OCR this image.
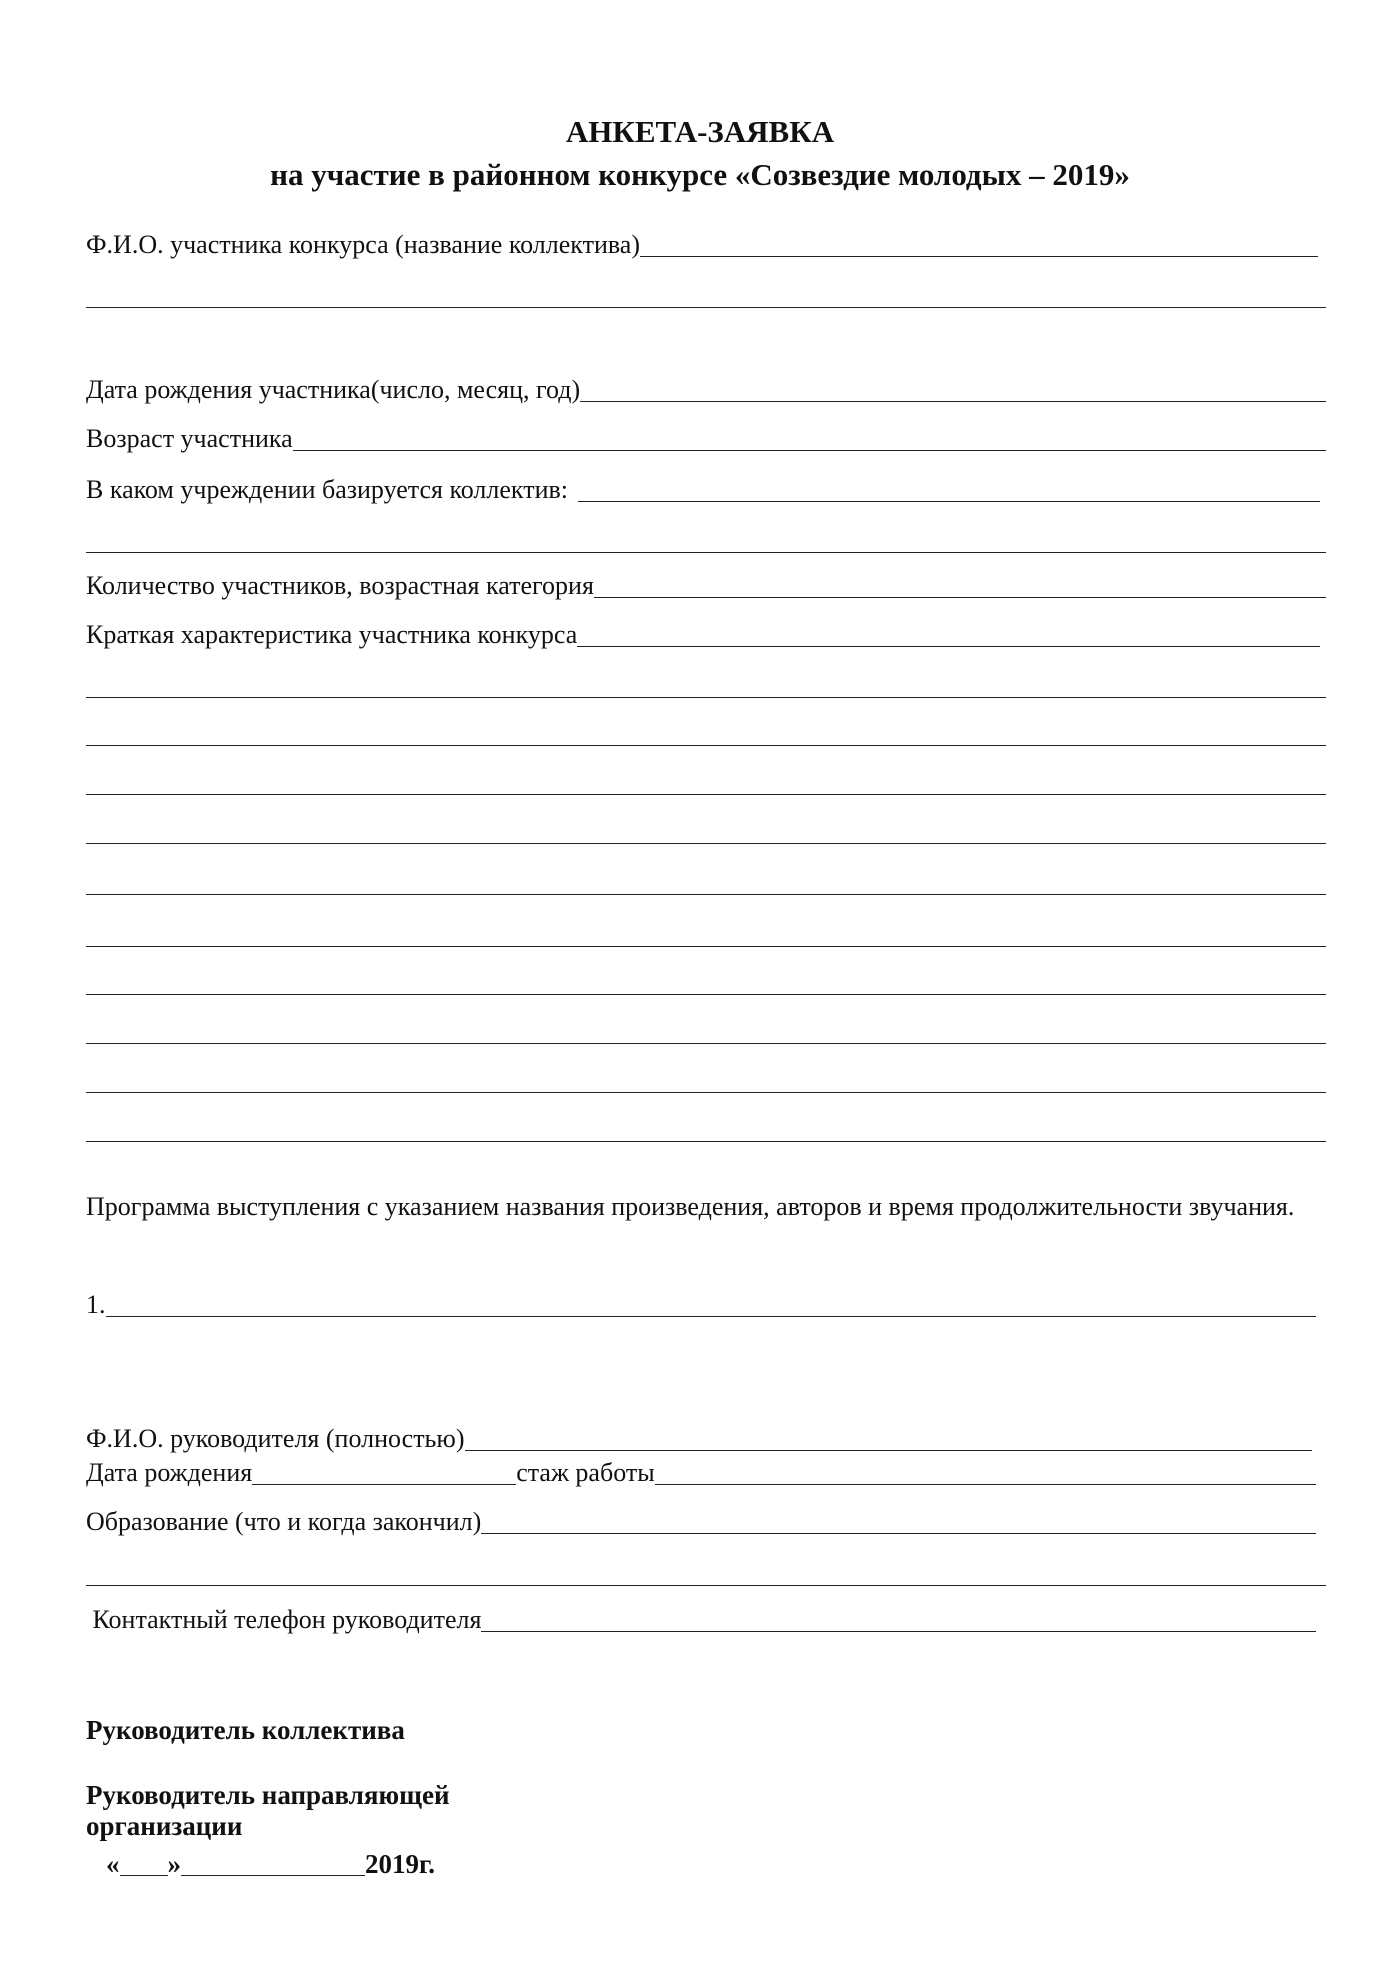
АНКЕТА-ЗАЯВКА
на участие в районном конкурсе «Созвездие молодых – 2019»
Ф.И.О. участника конкурса (название коллектива)
Дата рождения участника(число, месяц, год)
Возраст участника
В каком учреждении базируется коллектив:
Количество участников, возрастная категория
Краткая характеристика участника конкурса
Программа выступления с указанием названия произведения, авторов и время продолжительности звучания.
1.
Ф.И.О. руководителя (полностью)
Дата рождения	стаж работы
Образование (что и когда закончил)
Контактный телефон руководителя
Руководитель коллектива
Руководитель направляющей
организации
« »	2019г.
